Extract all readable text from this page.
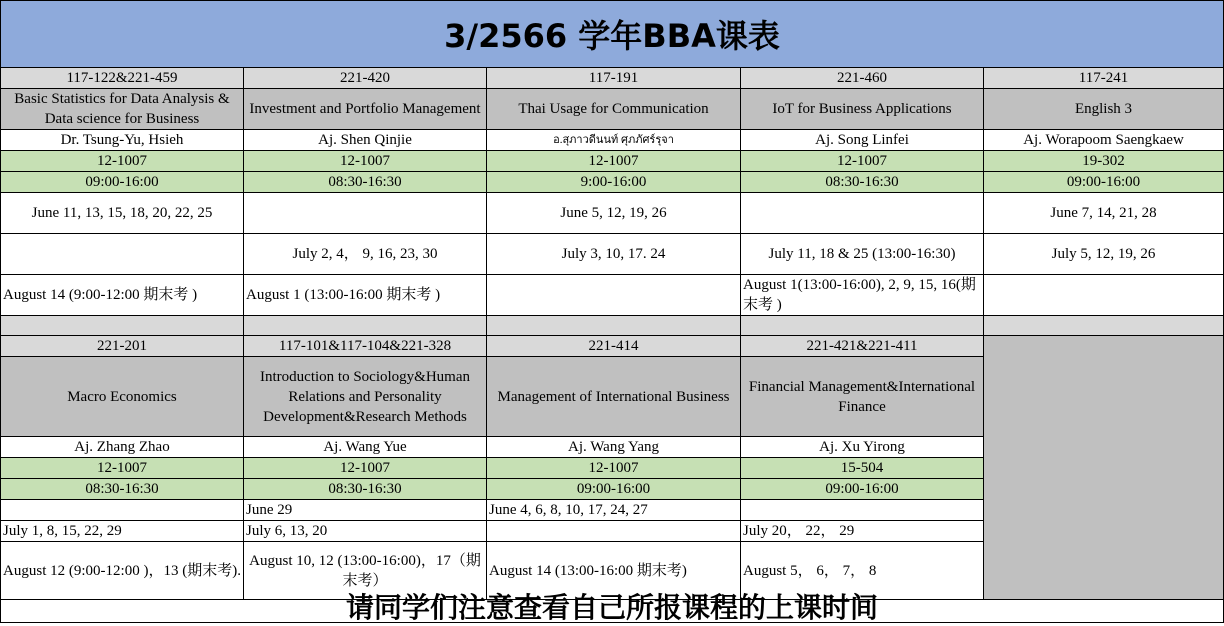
3/2566 学年BBA课表
117-122&221-459	221-420	117-191	221-460	117-241
Basic Statistics for Data Analysis & Data science for Business	Investment and Portfolio Management	Thai Usage for Communication	IoT for Business Applications	English 3
Dr. Tsung-Yu, Hsieh	Aj. Shen Qinjie	อ.สุภาวดีนนท์ ศุภภัศร์รุจา	Aj. Song Linfei	Aj. Worapoom Saengkaew
12-1007	12-1007	12-1007	12-1007	19-302
09:00-16:00	08:30-16:30	9:00-16:00	08:30-16:30	09:00-16:00
June 11, 13, 15, 18, 20, 22, 25		June 5, 12, 19, 26		June 7, 14, 21, 28
	July 2, 4， 9, 16, 23, 30	July 3, 10, 17. 24	July 11, 18 & 25 (13:00-16:30)	July 5, 12, 19, 26
August 14 (9:00-12:00 期末考 )	August 1 (13:00-16:00 期末考 )		August 1(13:00-16:00), 2, 9, 15, 16(期末考 )	

221-201	117-101&117-104&221-328	221-414	221-421&221-411	
Macro Economics	Introduction to Sociology&Human Relations and Personality Development&Research Methods	Management of International Business	Financial Management&International Finance	
Aj. Zhang Zhao	Aj. Wang Yue	Aj. Wang Yang	Aj. Xu Yirong	
12-1007	12-1007	12-1007	15-504	
08:30-16:30	08:30-16:30	09:00-16:00	09:00-16:00	
	June 29	June 4, 6, 8, 10, 17, 24, 27		
July 1, 8, 15, 22, 29	July 6, 13, 20		July 20， 22， 29	
August 12 (9:00-12:00 )，13 (期末考).	August 10, 12 (13:00-16:00)，17（期末考）	August 14 (13:00-16:00 期末考)	August 5， 6， 7， 8	
请同学们注意查看自己所报课程的上课时间
